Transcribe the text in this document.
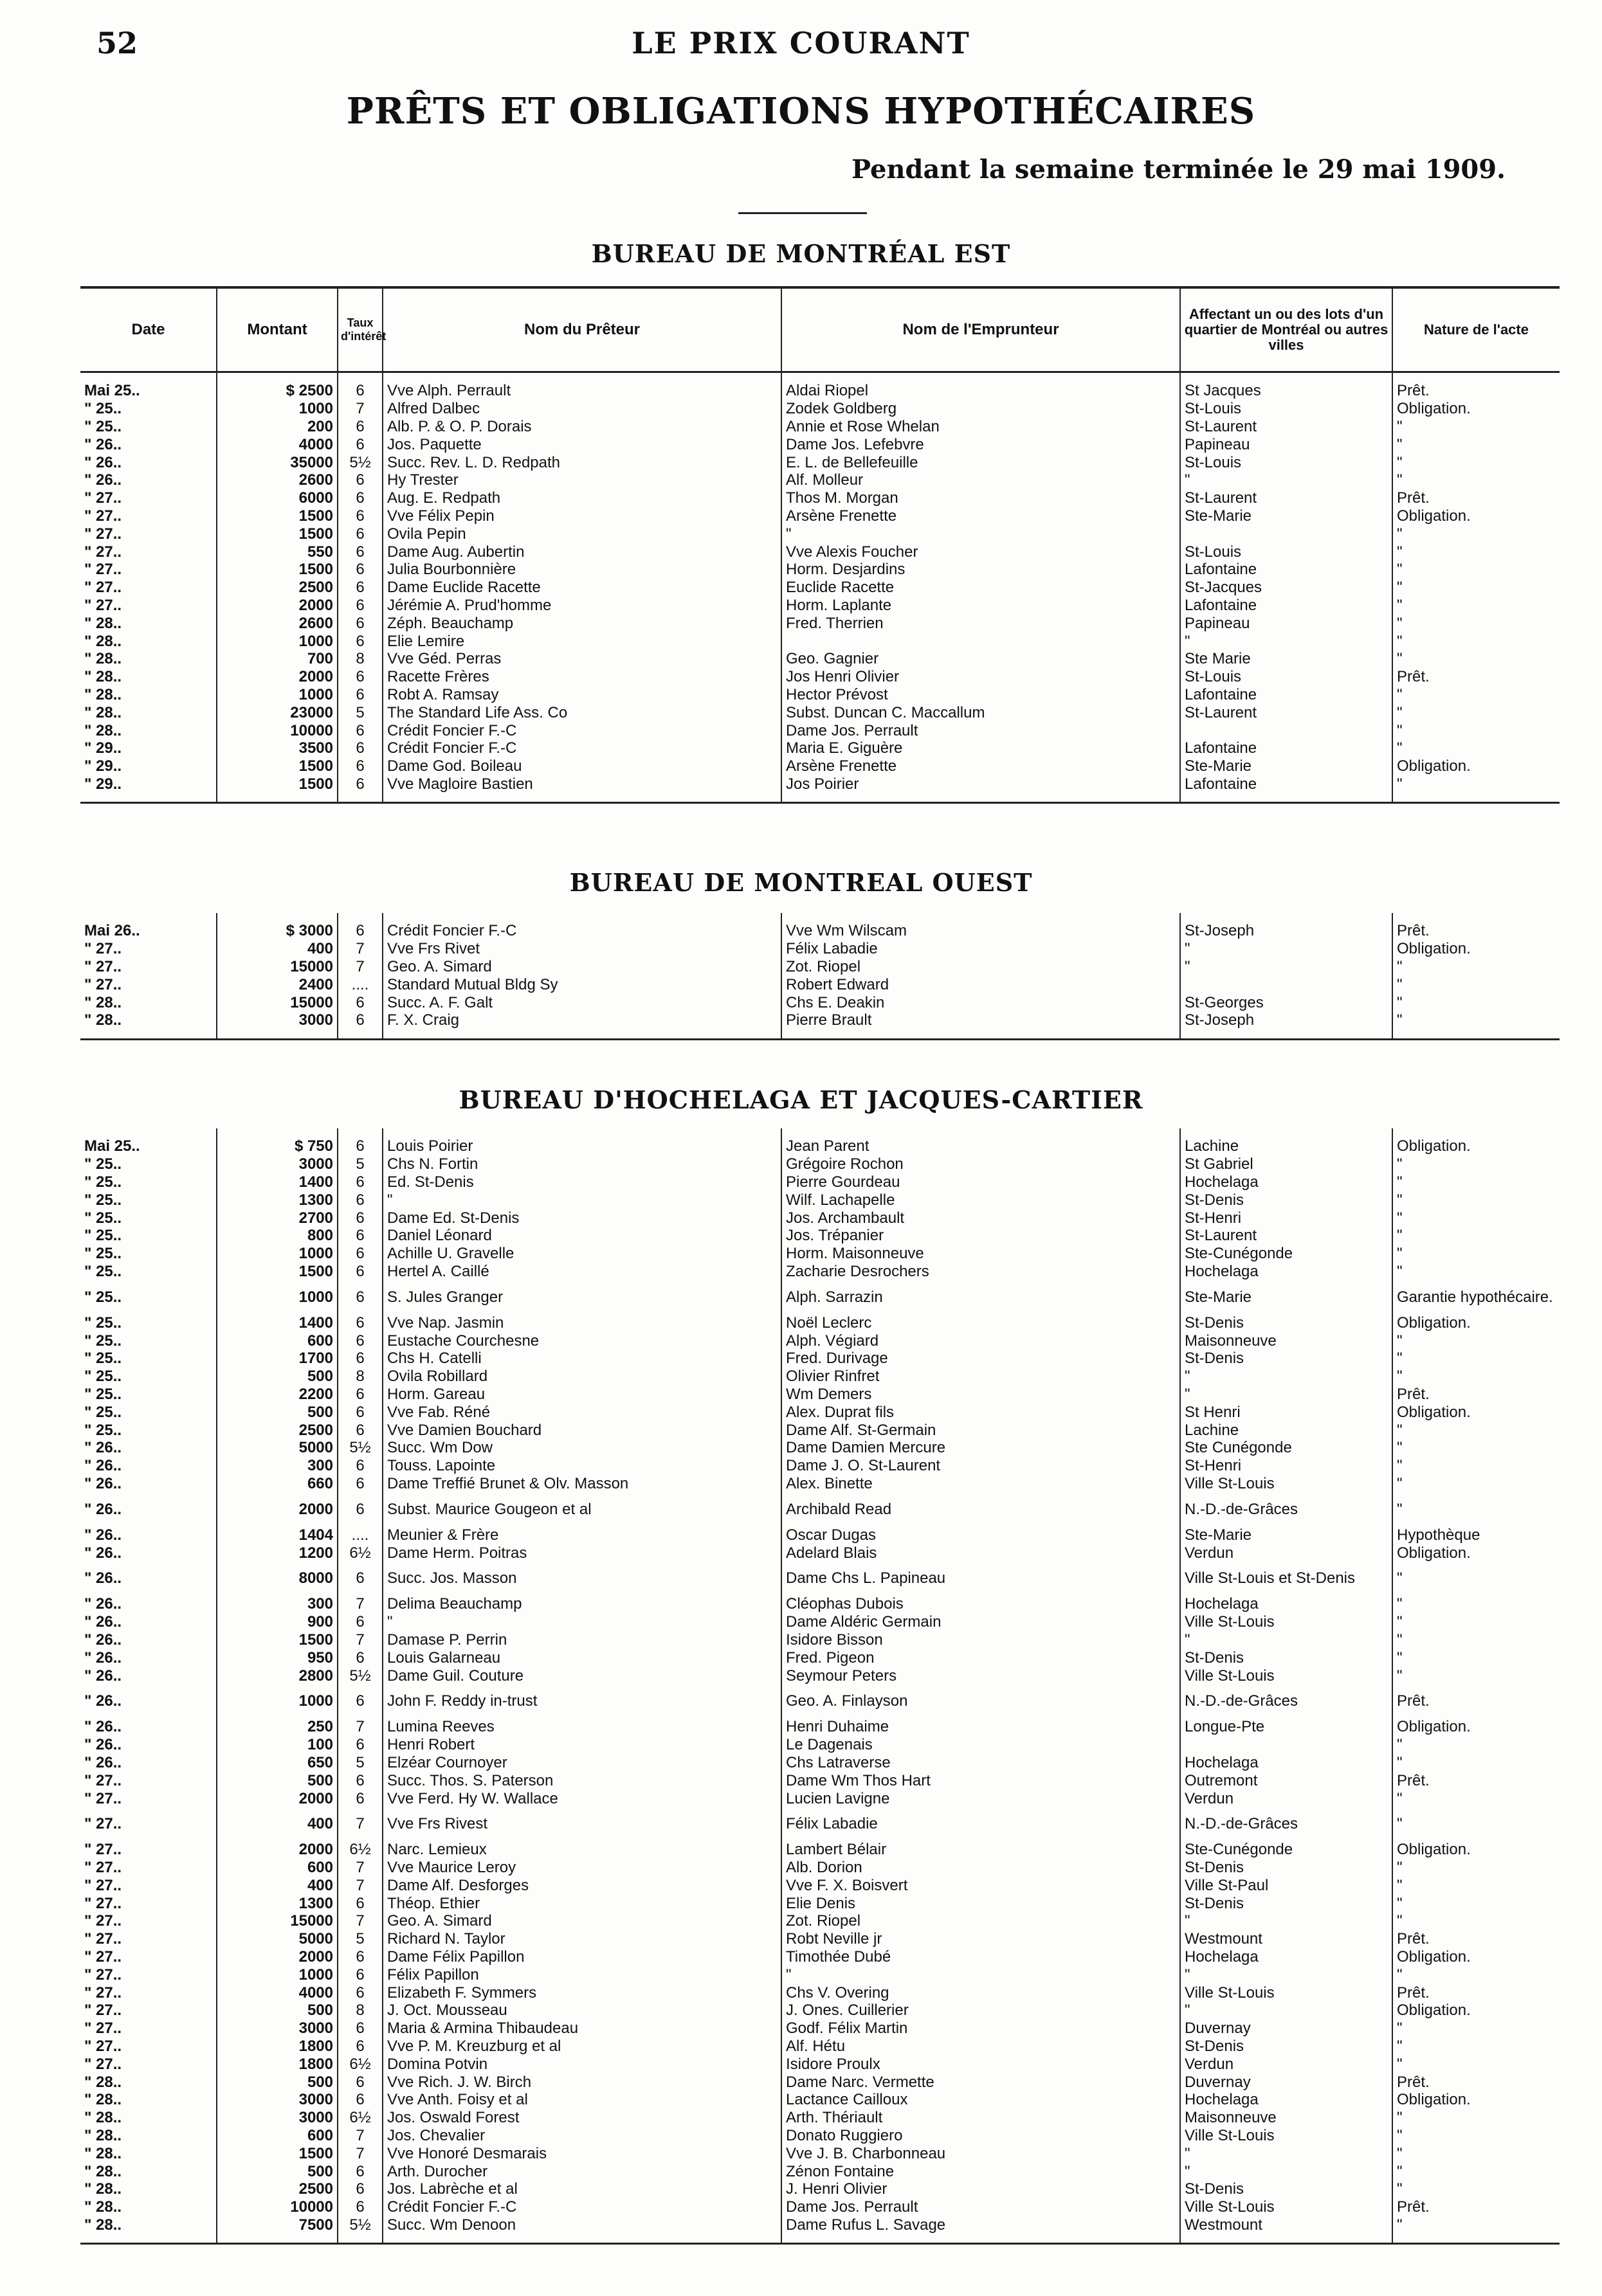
52	LE PRIX COURANT
PRÊTS ET OBLIGATIONS HYPOTHÉCAIRES
Pendant la semaine terminée le 29 mai 1909.
BUREAU DE MONTRÉAL EST
Date	Montant	Taux d'intérêt	Nom du Prêteur	Nom de l'Emprunteur	Affectant un ou des lots d'un quartier de Montréal ou autres villes	Nature de l'acte

Mai 25..	$ 2500	6	Vve Alph. Perrault	Aldai Riopel	St Jacques	Prêt.
" 25..	1000	7	Alfred Dalbec	Zodek Goldberg	St-Louis	Obligation.
" 25..	200	6	Alb. P. & O. P. Dorais	Annie et Rose Whelan	St-Laurent	"
" 26..	4000	6	Jos. Paquette	Dame Jos. Lefebvre	Papineau	"
" 26..	35000	5½	Succ. Rev. L. D. Redpath	E. L. de Bellefeuille	St-Louis	"
" 26..	2600	6	Hy Trester	Alf. Molleur	"	"
" 27..	6000	6	Aug. E. Redpath	Thos M. Morgan	St-Laurent	Prêt.
" 27..	1500	6	Vve Félix Pepin	Arsène Frenette	Ste-Marie	Obligation.
" 27..	1500	6	Ovila Pepin	"		"
" 27..	550	6	Dame Aug. Aubertin	Vve Alexis Foucher	St-Louis	"
" 27..	1500	6	Julia Bourbonnière	Horm. Desjardins	Lafontaine	"
" 27..	2500	6	Dame Euclide Racette	Euclide Racette	St-Jacques	"
" 27..	2000	6	Jérémie A. Prud'homme	Horm. Laplante	Lafontaine	"
" 28..	2600	6	Zéph. Beauchamp	Fred. Therrien	Papineau	"
" 28..	1000	6	Elie Lemire		"	"
" 28..	700	8	Vve Géd. Perras	Geo. Gagnier	Ste Marie	"
" 28..	2000	6	Racette Frères	Jos Henri Olivier	St-Louis	Prêt.
" 28..	1000	6	Robt A. Ramsay	Hector Prévost	Lafontaine	"
" 28..	23000	5	The Standard Life Ass. Co	Subst. Duncan C. Maccallum	St-Laurent	"
" 28..	10000	6	Crédit Foncier F.-C	Dame Jos. Perrault		"
" 29..	3500	6	Crédit Foncier F.-C	Maria E. Giguère	Lafontaine	"
" 29..	1500	6	Dame God. Boileau	Arsène Frenette	Ste-Marie	Obligation.
" 29..	1500	6	Vve Magloire Bastien	Jos Poirier	Lafontaine	"

BUREAU DE MONTREAL OUEST

Mai 26..	$ 3000	6	Crédit Foncier F.-C	Vve Wm Wilscam	St-Joseph	Prêt.
" 27..	400	7	Vve Frs Rivet	Félix Labadie	"	Obligation.
" 27..	15000	7	Geo. A. Simard	Zot. Riopel	"	"
" 27..	2400	....	Standard Mutual Bldg Sy	Robert Edward		"
" 28..	15000	6	Succ. A. F. Galt	Chs E. Deakin	St-Georges	"
" 28..	3000	6	F. X. Craig	Pierre Brault	St-Joseph	"

BUREAU D'HOCHELAGA ET JACQUES-CARTIER

Mai 25..	$ 750	6	Louis Poirier	Jean Parent	Lachine	Obligation.
" 25..	3000	5	Chs N. Fortin	Grégoire Rochon	St Gabriel	"
" 25..	1400	6	Ed. St-Denis	Pierre Gourdeau	Hochelaga	"
" 25..	1300	6	"	Wilf. Lachapelle	St-Denis	"
" 25..	2700	6	Dame Ed. St-Denis	Jos. Archambault	St-Henri	"
" 25..	800	6	Daniel Léonard	Jos. Trépanier	St-Laurent	"
" 25..	1000	6	Achille U. Gravelle	Horm. Maisonneuve	Ste-Cunégonde	"
" 25..	1500	6	Hertel A. Caillé	Zacharie Desrochers	Hochelaga	"
" 25..	1000	6	S. Jules Granger	Alph. Sarrazin	Ste-Marie	Garantie hypothécaire.
" 25..	1400	6	Vve Nap. Jasmin	Noël Leclerc	St-Denis	Obligation.
" 25..	600	6	Eustache Courchesne	Alph. Végiard	Maisonneuve	"
" 25..	1700	6	Chs H. Catelli	Fred. Durivage	St-Denis	"
" 25..	500	8	Ovila Robillard	Olivier Rinfret	"	"
" 25..	2200	6	Horm. Gareau	Wm Demers	"	Prêt.
" 25..	500	6	Vve Fab. Réné	Alex. Duprat fils	St Henri	Obligation.
" 25..	2500	6	Vve Damien Bouchard	Dame Alf. St-Germain	Lachine	"
" 26..	5000	5½	Succ. Wm Dow	Dame Damien Mercure	Ste Cunégonde	"
" 26..	300	6	Touss. Lapointe	Dame J. O. St-Laurent	St-Henri	"
" 26..	660	6	Dame Treffié Brunet & Olv. Masson	Alex. Binette	Ville St-Louis	"
" 26..	2000	6	Subst. Maurice Gougeon et al	Archibald Read	N.-D.-de-Grâces	"
" 26..	1404	....	Meunier & Frère	Oscar Dugas	Ste-Marie	Hypothèque
" 26..	1200	6½	Dame Herm. Poitras	Adelard Blais	Verdun	Obligation.
" 26..	8000	6	Succ. Jos. Masson	Dame Chs L. Papineau	Ville St-Louis et St-Denis	"
" 26..	300	7	Delima Beauchamp	Cléophas Dubois	Hochelaga	"
" 26..	900	6	"	Dame Aldéric Germain	Ville St-Louis	"
" 26..	1500	7	Damase P. Perrin	Isidore Bisson	"	"
" 26..	950	6	Louis Galarneau	Fred. Pigeon	St-Denis	"
" 26..	2800	5½	Dame Guil. Couture	Seymour Peters	Ville St-Louis	"
" 26..	1000	6	John F. Reddy in-trust	Geo. A. Finlayson	N.-D.-de-Grâces	Prêt.
" 26..	250	7	Lumina Reeves	Henri Duhaime	Longue-Pte	Obligation.
" 26..	100	6	Henri Robert	Le Dagenais		"
" 26..	650	5	Elzéar Cournoyer	Chs Latraverse	Hochelaga	"
" 27..	500	6	Succ. Thos. S. Paterson	Dame Wm Thos Hart	Outremont	Prêt.
" 27..	2000	6	Vve Ferd. Hy W. Wallace	Lucien Lavigne	Verdun	"
" 27..	400	7	Vve Frs Rivest	Félix Labadie	N.-D.-de-Grâces	"
" 27..	2000	6½	Narc. Lemieux	Lambert Bélair	Ste-Cunégonde	Obligation.
" 27..	600	7	Vve Maurice Leroy	Alb. Dorion	St-Denis	"
" 27..	400	7	Dame Alf. Desforges	Vve F. X. Boisvert	Ville St-Paul	"
" 27..	1300	6	Théop. Ethier	Elie Denis	St-Denis	"
" 27..	15000	7	Geo. A. Simard	Zot. Riopel	"	"
" 27..	5000	5	Richard N. Taylor	Robt Neville jr	Westmount	Prêt.
" 27..	2000	6	Dame Félix Papillon	Timothée Dubé	Hochelaga	Obligation.
" 27..	1000	6	Félix Papillon	"	"	"
" 27..	4000	6	Elizabeth F. Symmers	Chs V. Overing	Ville St-Louis	Prêt.
" 27..	500	8	J. Oct. Mousseau	J. Ones. Cuillerier	"	Obligation.
" 27..	3000	6	Maria & Armina Thibaudeau	Godf. Félix Martin	Duvernay	"
" 27..	1800	6	Vve P. M. Kreuzburg et al	Alf. Hétu	St-Denis	"
" 27..	1800	6½	Domina Potvin	Isidore Proulx	Verdun	"
" 28..	500	6	Vve Rich. J. W. Birch	Dame Narc. Vermette	Duvernay	Prêt.
" 28..	3000	6	Vve Anth. Foisy et al	Lactance Cailloux	Hochelaga	Obligation.
" 28..	3000	6½	Jos. Oswald Forest	Arth. Thériault	Maisonneuve	"
" 28..	600	7	Jos. Chevalier	Donato Ruggiero	Ville St-Louis	"
" 28..	1500	7	Vve Honoré Desmarais	Vve J. B. Charbonneau	"	"
" 28..	500	6	Arth. Durocher	Zénon Fontaine	"	"
" 28..	2500	6	Jos. Labrèche et al	J. Henri Olivier	St-Denis	"
" 28..	10000	6	Crédit Foncier F.-C	Dame Jos. Perrault	Ville St-Louis	Prêt.
" 28..	7500	5½	Succ. Wm Denoon	Dame Rufus L. Savage	Westmount	"
